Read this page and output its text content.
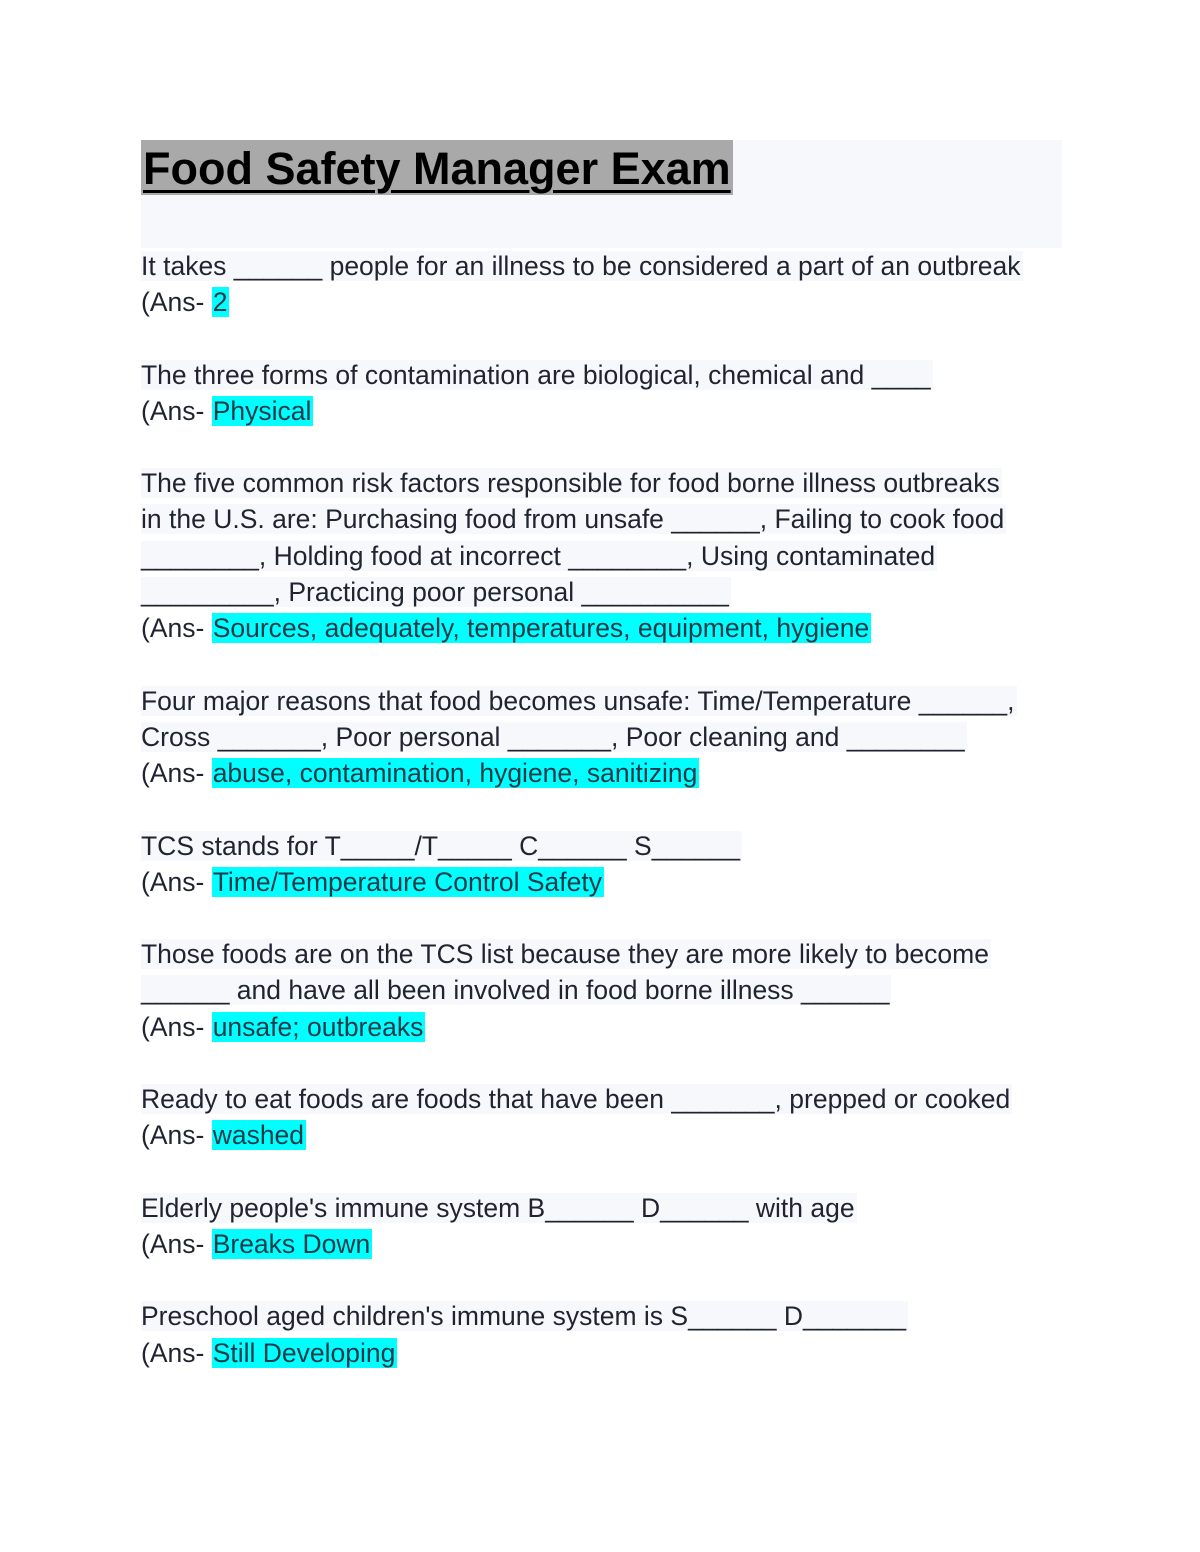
Food Safety Manager Exam
It takes ______ people for an illness to be considered a part of an outbreak
(Ans- 2
The three forms of contamination are biological, chemical and ____
(Ans- Physical
The five common risk factors responsible for food borne illness outbreaks
in the U.S. are: Purchasing food from unsafe ______, Failing to cook food
________, Holding food at incorrect ________, Using contaminated
_________, Practicing poor personal __________
(Ans- Sources, adequately, temperatures, equipment, hygiene
Four major reasons that food becomes unsafe: Time/Temperature ______,
Cross _______, Poor personal _______, Poor cleaning and ________
(Ans- abuse, contamination, hygiene, sanitizing
TCS stands for T_____/T_____ C______ S______
(Ans- Time/Temperature Control Safety
Those foods are on the TCS list because they are more likely to become
______ and have all been involved in food borne illness ______
(Ans- unsafe; outbreaks
Ready to eat foods are foods that have been _______, prepped or cooked
(Ans- washed
Elderly people's immune system B______ D______ with age
(Ans- Breaks Down
Preschool aged children's immune system is S______ D_______
(Ans- Still Developing
